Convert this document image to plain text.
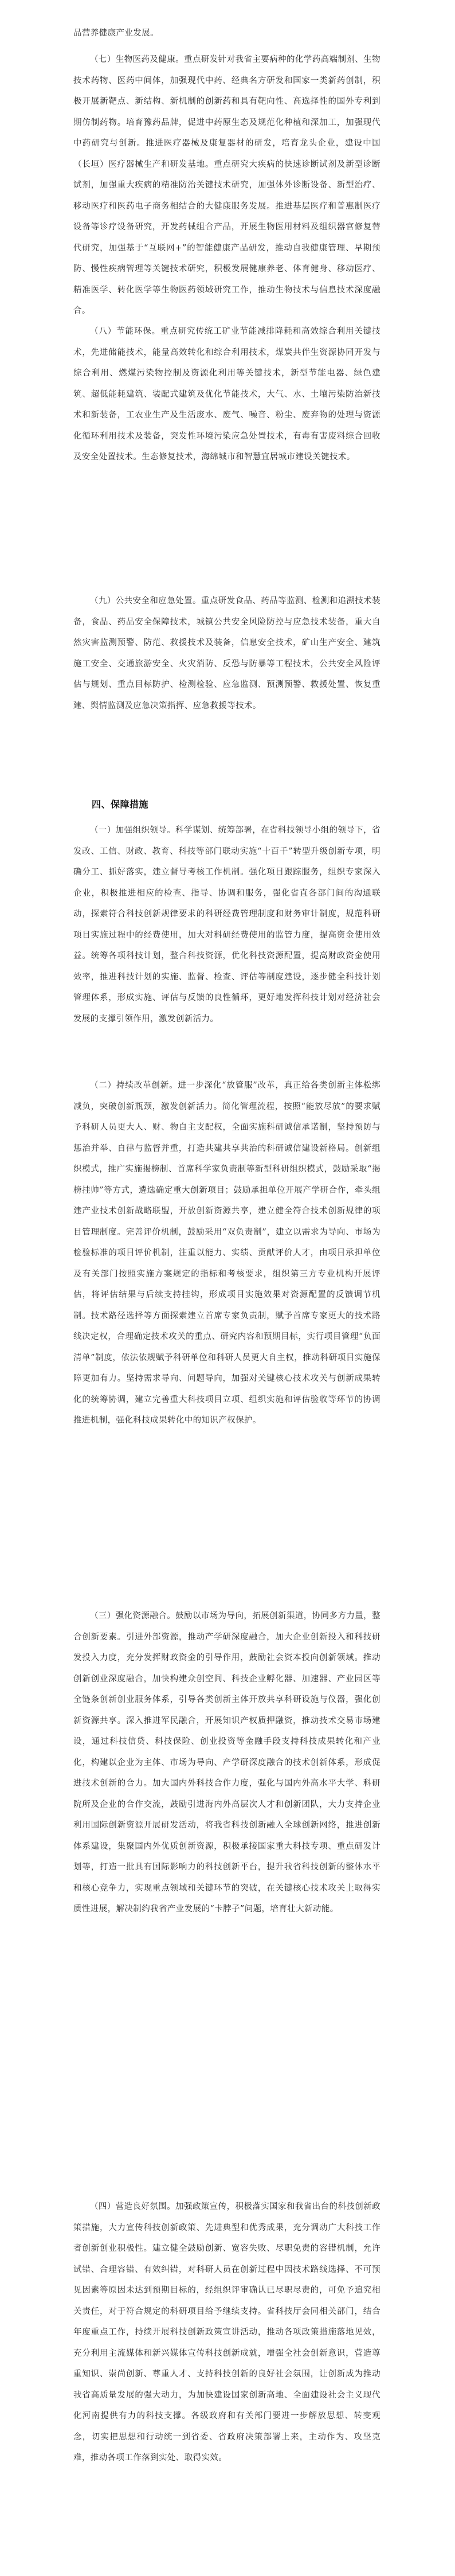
品营养健康产业发展。

（七）生物医药及健康。重点研发针对我省主要病种的化学药高端制剂、生物技术药物、医药中间体，加强现代中药、经典名方研发和国家一类新药创制，积极开展新靶点、新结构、新机制的创新药和具有靶向性、高选择性的国外专利到期仿制药物。培育豫药品牌，促进中药原生态及规范化种植和深加工，加强现代中药研究与创新。推进医疗器械及康复器材的研发，培育龙头企业，建设中国（长垣）医疗器械生产和研发基地。重点研究大疾病的快速诊断试剂及新型诊断试剂，加强重大疾病的精准防治关键技术研究，加强体外诊断设备、新型治疗、移动医疗和医药电子商务相结合的大健康服务发展。推进基层医疗和普惠制医疗设备等诊疗设备研究，开发药械组合产品，开展生物医用材料及组织器官修复替代研究，加强基于“互联网+”的智能健康产品研发，推动自我健康管理、早期预防、慢性疾病管理等关键技术研究，积极发展健康养老、体育健身、移动医疗、精准医学、转化医学等生物医药领域研究工作，推动生物技术与信息技术深度融合。

（八）节能环保。重点研究传统工矿业节能减排降耗和高效综合利用关键技术，先进储能技术，能量高效转化和综合利用技术，煤炭共伴生资源协同开发与综合利用、燃煤污染物控制及资源化利用等关键技术，新型节能电器、绿色建筑、超低能耗建筑、装配式建筑及优化节能技术，大气、水、土壤污染防治新技术和新装备，工农业生产及生活废水、废气、噪音、粉尘、废弃物的处理与资源化循环利用技术及装备，突发性环境污染应急处置技术，有毒有害废料综合回收及安全处置技术。生态修复技术，海绵城市和智慧宜居城市建设关键技术。

（九）公共安全和应急处置。重点研发食品、药品等监测、检测和追溯技术装备，食品、药品安全保障技术，城镇公共安全风险防控与应急技术装备，重大自然灾害监测预警、防范、救援技术及装备，信息安全技术，矿山生产安全、建筑施工安全、交通旅游安全、火灾消防、反恐与防暴等工程技术，公共安全风险评估与规划、重点目标防护、检测检验、应急监测、预测预警、救援处置、恢复重建、舆情监测及应急决策指挥、应急救援等技术。

四、保障措施

（一）加强组织领导。科学谋划、统筹部署，在省科技领导小组的领导下，省发改、工信、财政、教育、科技等部门联动实施“十百千”转型升级创新专项，明确分工、抓好落实，建立督导考核工作机制。强化项目跟踪服务，组织专家深入企业，积极推进相应的检查、指导、协调和服务，强化省直各部门间的沟通联动，探索符合科技创新规律要求的科研经费管理制度和财务审计制度，规范科研项目实施过程中的经费使用，加大对科研经费使用的监管力度，提高资金使用效益。统筹各项科技计划，整合科技资源，优化科技资源配置，提高财政资金使用效率，推进科技计划的实施、监督、检查、评估等制度建设，逐步健全科技计划管理体系，形成实施、评估与反馈的良性循环，更好地发挥科技计划对经济社会发展的支撑引领作用，激发创新活力。

（二）持续改革创新。进一步深化“放管服”改革，真正给各类创新主体松绑减负，突破创新瓶颈，激发创新活力。简化管理流程，按照“能放尽放”的要求赋予科研人员更大人、财、物自主支配权，全面实施科研诚信承诺制，坚持预防与惩治并举、自律与监督并重，打造共建共享共治的科研诚信建设新格局。创新组织模式，推广实施揭榜制、首席科学家负责制等新型科研组织模式，鼓励采取“揭榜挂帅”等方式，遴选确定重大创新项目；鼓励承担单位开展产学研合作，牵头组建产业技术创新战略联盟，开放创新资源共享，建立健全符合技术创新规律的项目管理制度。完善评价机制，鼓励采用“双负责制”，建立以需求为导向、市场为检验标准的项目评价机制，注重以能力、实绩、贡献评价人才，由项目承担单位及有关部门按照实施方案规定的指标和考核要求，组织第三方专业机构开展评估，将评估结果与后续支持挂钩，形成项目实施效果对资源配置的反馈调节机制。技术路径选择等方面探索建立首席专家负责制，赋予首席专家更大的技术路线决定权，合理确定技术攻关的重点、研究内容和预期目标，实行项目管理“负面清单”制度，依法依规赋予科研单位和科研人员更大自主权，推动科研项目实施保障更加有力。坚持需求导向、问题导向，加强对关键核心技术攻关与创新成果转化的统筹协调，建立完善重大科技项目立项、组织实施和评估验收等环节的协调推进机制，强化科技成果转化中的知识产权保护。

（三）强化资源融合。鼓励以市场为导向，拓展创新渠道，协同多方力量，整合创新要素。引进外部资源，推动产学研深度融合，加大企业创新投入和科技研发投入力度，充分发挥财政资金的引导作用，鼓励社会资本投向创新领域。推动创新创业深度融合，加快构建众创空间、科技企业孵化器、加速器、产业园区等全链条创新创业服务体系，引导各类创新主体开放共享科研设施与仪器，强化创新资源共享。深入推进军民融合，开展知识产权质押融资，推动技术交易市场建设，通过科技信贷、科技保险、创业投资等金融手段支持科技成果转化和产业化，构建以企业为主体、市场为导向、产学研深度融合的技术创新体系，形成促进技术创新的合力。加大国内外科技合作力度，强化与国内外高水平大学、科研院所及企业的合作交流，鼓励引进海内外高层次人才和创新团队，大力支持企业利用国际创新资源开展研发活动，将我省科技创新融入全球创新网络，推进创新体系建设，集聚国内外优质创新资源，积极承接国家重大科技专项、重点研发计划等，打造一批具有国际影响力的科技创新平台，提升我省科技创新的整体水平和核心竞争力，实现重点领域和关键环节的突破，在关键核心技术攻关上取得实质性进展，解决制约我省产业发展的“卡脖子”问题，培育壮大新动能。

（四）营造良好氛围。加强政策宣传，积极落实国家和我省出台的科技创新政策措施，大力宣传科技创新政策、先进典型和优秀成果，充分调动广大科技工作者创新创业积极性。建立健全鼓励创新、宽容失败、尽职免责的容错机制，允许试错、合理容错、有效纠错，对科研人员在创新过程中因技术路线选择、不可预见因素等原因未达到预期目标的，经组织评审确认已尽职尽责的，可免予追究相关责任，对于符合规定的科研项目给予继续支持。省科技厅会同相关部门，结合年度重点工作，持续开展科技创新政策宣讲活动，推动各项政策措施落地见效，充分利用主流媒体和新兴媒体宣传科技创新成就，增强全社会创新意识，营造尊重知识、崇尚创新、尊重人才、支持科技创新的良好社会氛围，让创新成为推动我省高质量发展的强大动力，为加快建设国家创新高地、全面建设社会主义现代化河南提供有力的科技支撑。各级政府和有关部门要进一步解放思想、转变观念，切实把思想和行动统一到省委、省政府决策部署上来，主动作为、攻坚克难，推动各项工作落到实处、取得实效。
